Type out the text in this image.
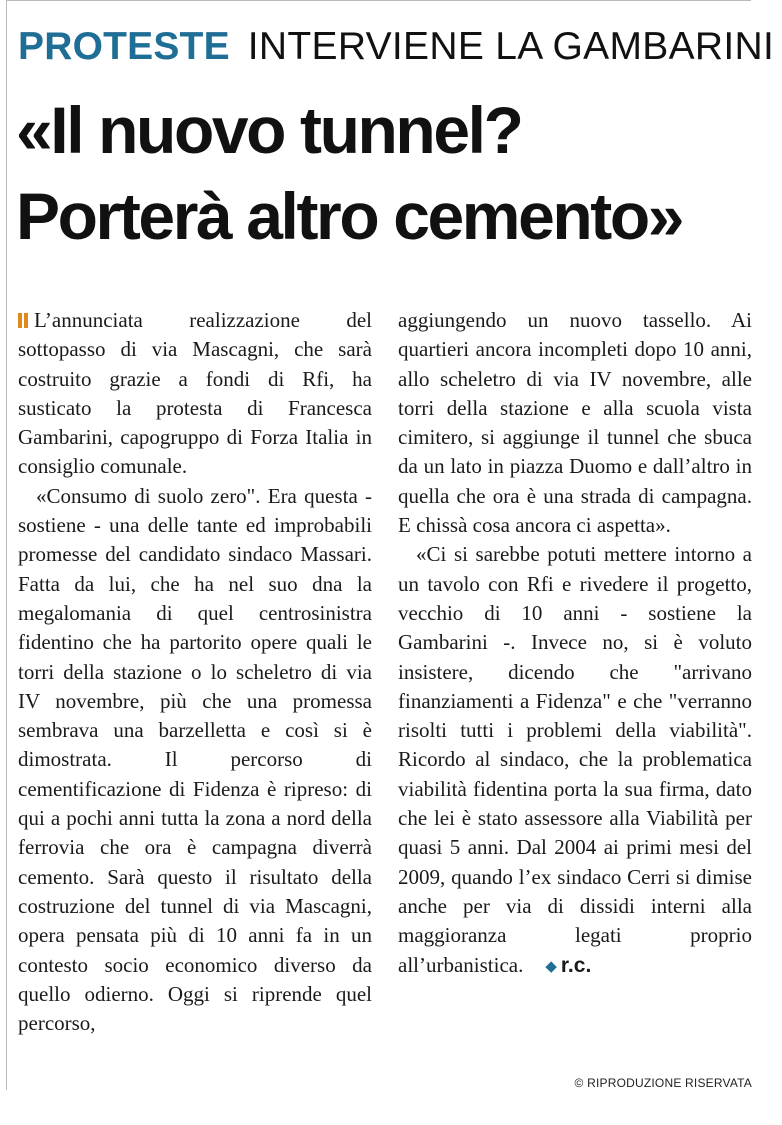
PROTESTE INTERVIENE LA GAMBARINI
«Il nuovo tunnel?
Porterà altro cemento»

L’annunciata realizzazione del sottopasso di via Mascagni, che sarà costruito grazie a fondi di Rfi, ha susticato la protesta di Francesca Gambarini, capogruppo di Forza Italia in consiglio comunale.

«Consumo di suolo zero". Era questa - sostiene - una delle tante ed improbabili promesse del candidato sindaco Massari. Fatta da lui, che ha nel suo dna la megalomania di quel centrosinistra fidentino che ha partorito opere quali le torri della stazione o lo scheletro di via IV novembre, più che una promessa sembrava una barzelletta e così si è dimostrata. Il percorso di cementificazione di Fidenza è ripreso: di qui a pochi anni tutta la zona a nord della ferrovia che ora è campagna diverrà cemento. Sarà questo il risultato della costruzione del tunnel di via Mascagni, opera pensata più di 10 anni fa in un contesto socio economico diverso da quello odierno. Oggi si riprende quel percorso,

aggiungendo un nuovo tassello. Ai quartieri ancora incompleti dopo 10 anni, allo scheletro di via IV novembre, alle torri della stazione e alla scuola vista cimitero, si aggiunge il tunnel che sbuca da un lato in piazza Duomo e dall’altro in quella che ora è una strada di campagna. E chissà cosa ancora ci aspetta».

«Ci si sarebbe potuti mettere intorno a un tavolo con Rfi e rivedere il progetto, vecchio di 10 anni - sostiene la Gambarini -. Invece no, si è voluto insistere, dicendo che "arrivano finanziamenti a Fidenza" e che "verranno risolti tutti i problemi della viabilità". Ricordo al sindaco, che la problematica viabilità fidentina porta la sua firma, dato che lei è stato assessore alla Viabilità per quasi 5 anni. Dal 2004 ai primi mesi del 2009, quando l’ex sindaco Cerri si dimise anche per via di dissidi interni alla maggioranza legati proprio all’urbanistica. ◆ r.c.

© RIPRODUZIONE RISERVATA
